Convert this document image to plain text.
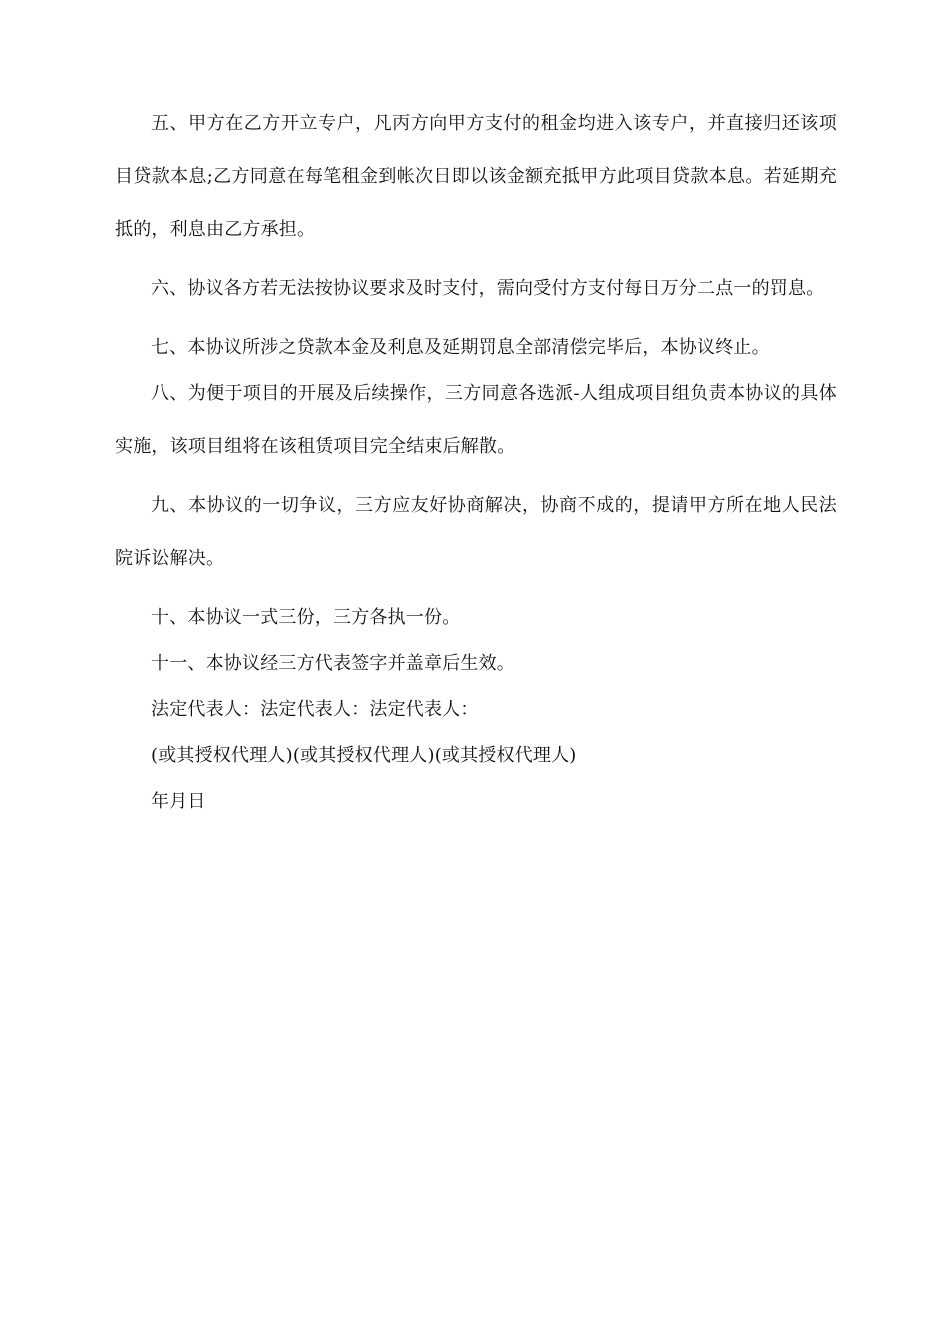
五、甲方在乙方开立专户，凡丙方向甲方支付的租金均进入该专户，并直接归还该项目贷款本息;乙方同意在每笔租金到帐次日即以该金额充抵甲方此项目贷款本息。若延期充抵的，利息由乙方承担。

六、协议各方若无法按协议要求及时支付，需向受付方支付每日万分二点一的罚息。

七、本协议所涉之贷款本金及利息及延期罚息全部清偿完毕后，本协议终止。

八、为便于项目的开展及后续操作，三方同意各选派-人组成项目组负责本协议的具体实施，该项目组将在该租赁项目完全结束后解散。

九、本协议的一切争议，三方应友好协商解决，协商不成的，提请甲方所在地人民法院诉讼解决。

十、本协议一式三份，三方各执一份。

十一、本协议经三方代表签字并盖章后生效。

法定代表人：法定代表人：法定代表人：

(或其授权代理人)(或其授权代理人)(或其授权代理人)

年月日
